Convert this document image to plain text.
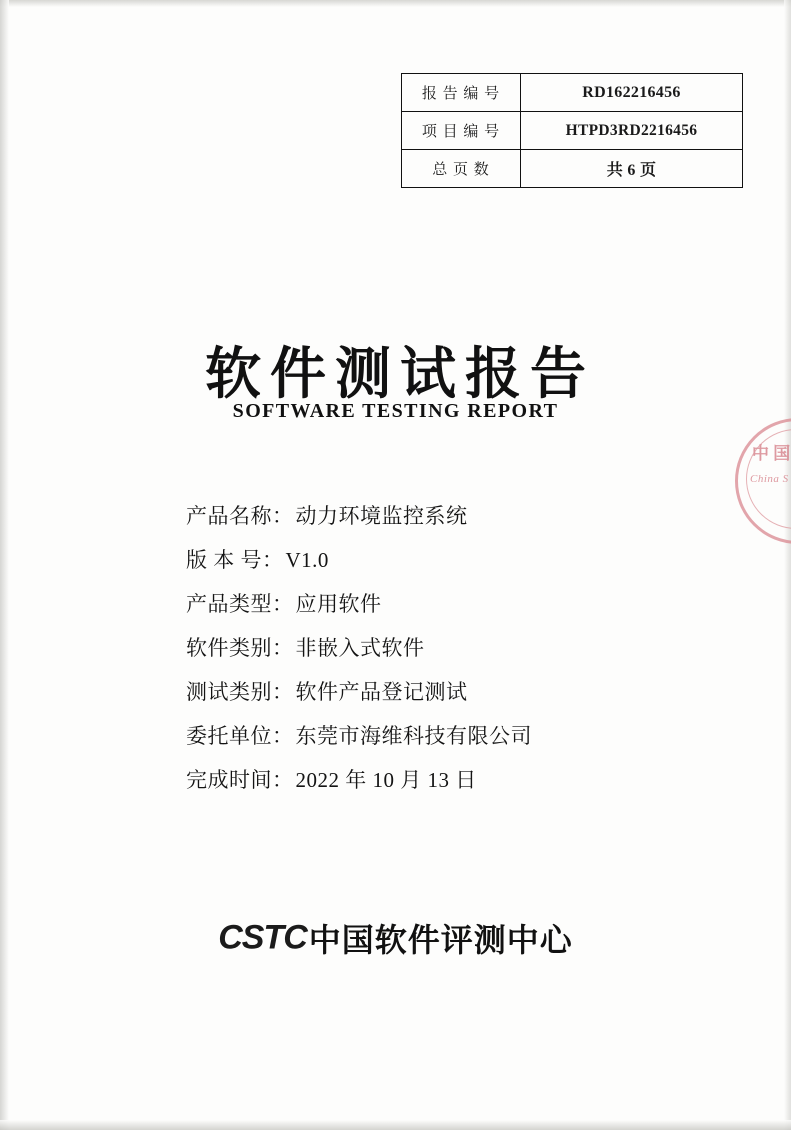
报 告 编 号	RD162216456
项 目 编 号	HTPD3RD2216456
总 页 数	共 6 页
软件测试报告
SOFTWARE TESTING REPORT
产品名称： 动力环境监控系统
版 本 号： V1.0
产品类型： 应用软件
软件类别： 非嵌入式软件
测试类别： 软件产品登记测试
委托单位： 东莞市海维科技有限公司
完成时间： 2022 年 10 月 13 日
CSTC中国软件评测中心
中 国
China S
